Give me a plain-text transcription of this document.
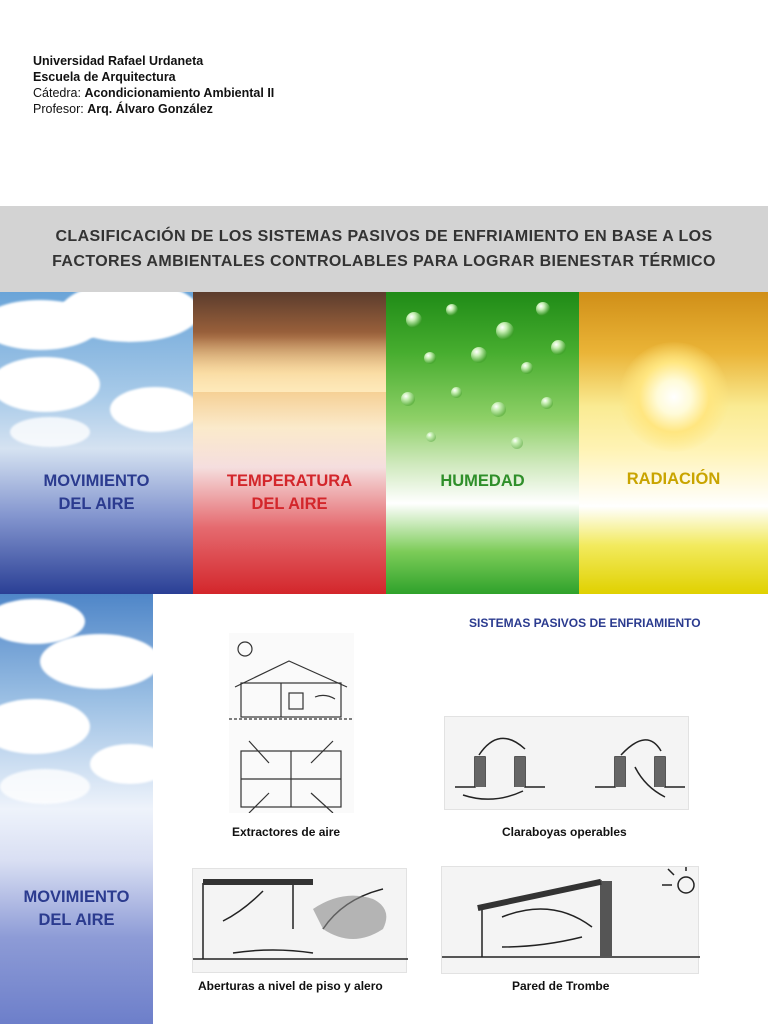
Universidad Rafael Urdaneta
Escuela de Arquitectura
Cátedra: Acondicionamiento Ambiental II
Profesor: Arq. Álvaro González
CLASIFICACIÓN DE LOS SISTEMAS PASIVOS DE ENFRIAMIENTO EN BASE A LOS
FACTORES AMBIENTALES CONTROLABLES PARA LOGRAR BIENESTAR TÉRMICO
MOVIMIENTO
DEL AIRE
TEMPERATURA
DEL AIRE
HUMEDAD	RADIACIÓN
MOVIMIENTO
DEL AIRE
SISTEMAS PASIVOS DE ENFRIAMIENTO
Extractores de aire	Claraboyas operables
Aberturas a nivel de piso y alero	Pared de Trombe
